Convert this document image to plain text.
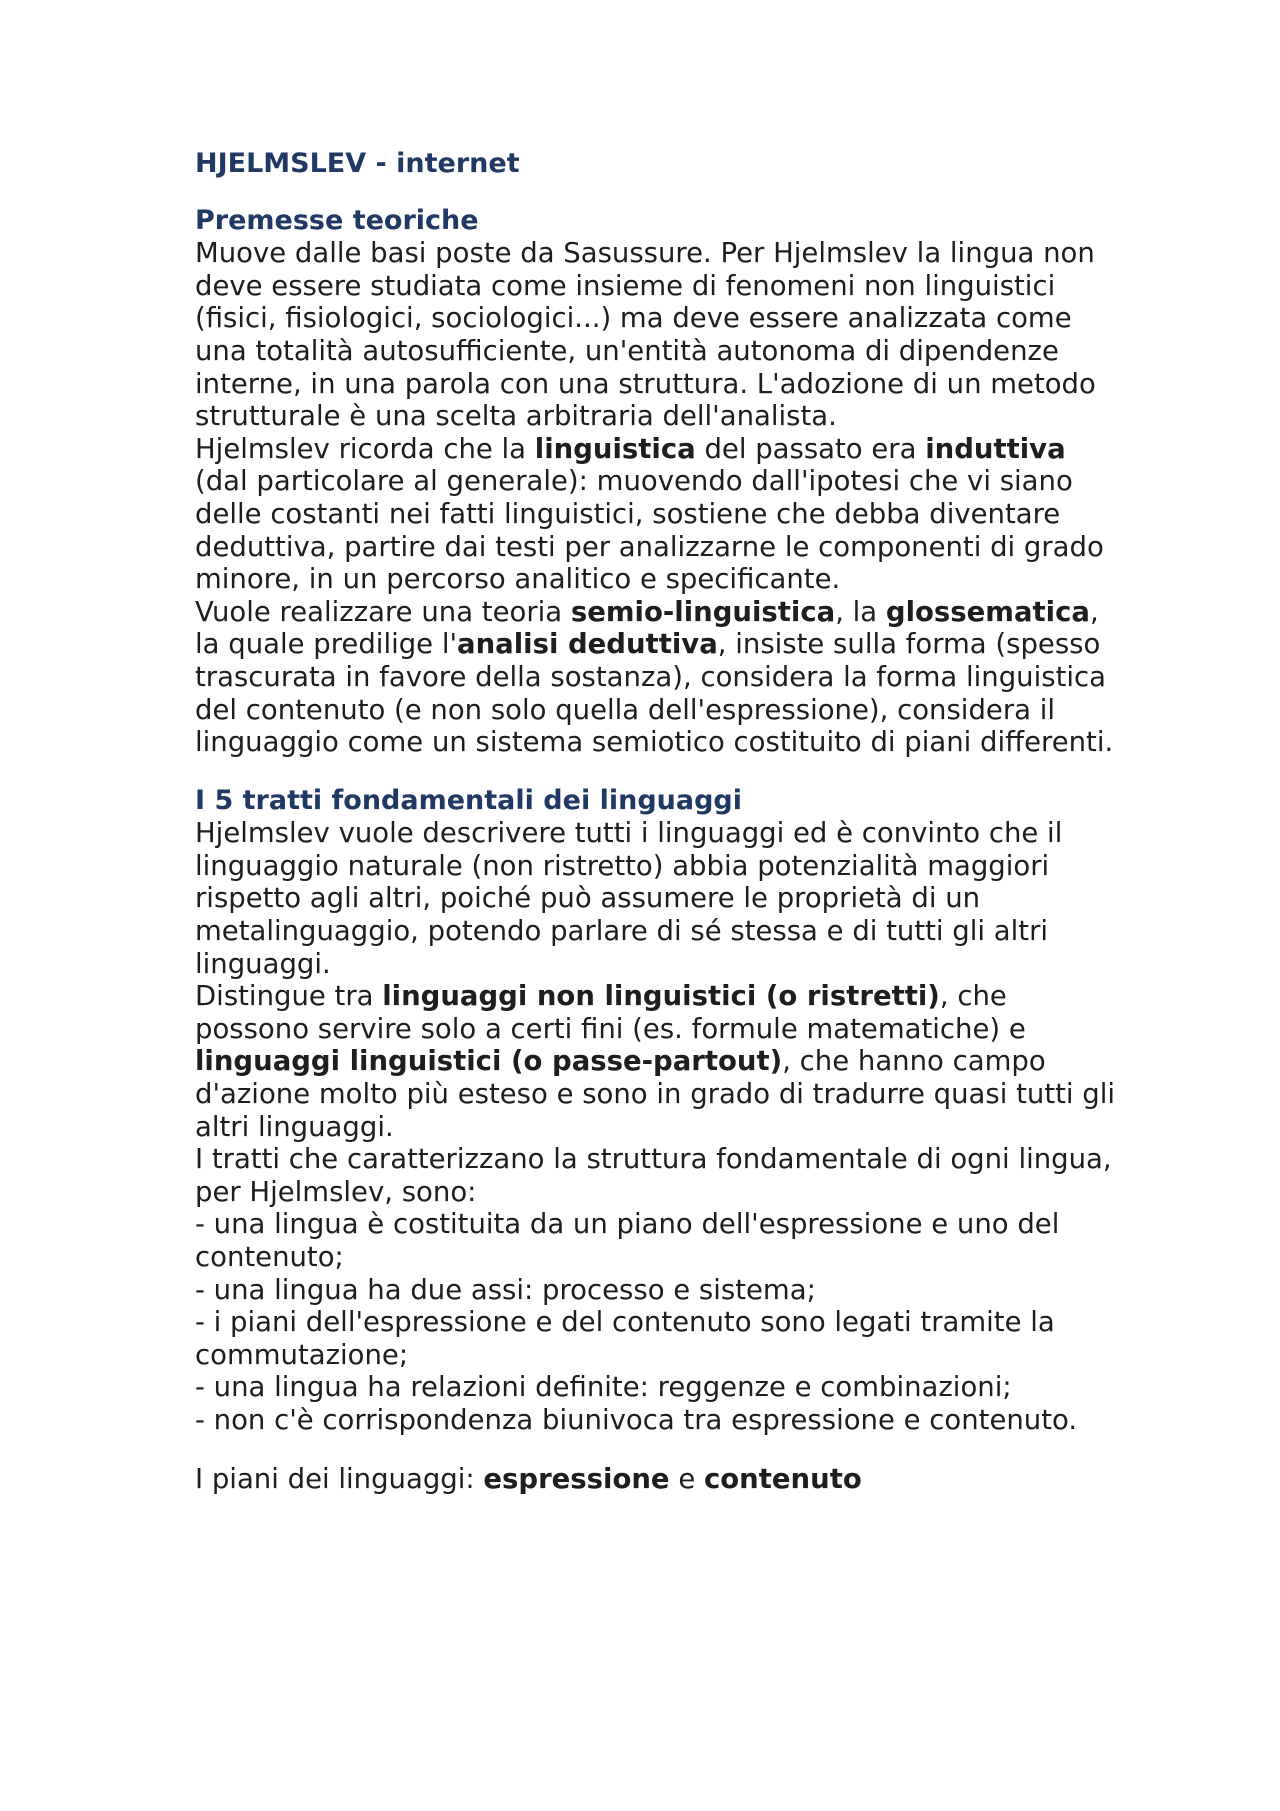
HJELMSLEV - internet
Premesse teoriche

Muove dalle basi poste da Sasussure. Per Hjelmslev la lingua non deve essere studiata come insieme di fenomeni non linguistici (fisici, fisiologici, sociologici...) ma deve essere analizzata come una totalità autosufficiente, un'entità autonoma di dipendenze interne, in una parola con una struttura. L'adozione di un metodo strutturale è una scelta arbitraria dell'analista.

Hjelmslev ricorda che la linguistica del passato era induttiva (dal particolare al generale): muovendo dall'ipotesi che vi siano delle costanti nei fatti linguistici, sostiene che debba diventare deduttiva, partire dai testi per analizzarne le componenti di grado minore, in un percorso analitico e specificante.

Vuole realizzare una teoria semio-linguistica, la glossematica, la quale predilige l'analisi deduttiva, insiste sulla forma (spesso trascurata in favore della sostanza), considera la forma linguistica del contenuto (e non solo quella dell'espressione), considera il linguaggio come un sistema semiotico costituito di piani differenti.

I 5 tratti fondamentali dei linguaggi

Hjelmslev vuole descrivere tutti i linguaggi ed è convinto che il linguaggio naturale (non ristretto) abbia potenzialità maggiori rispetto agli altri, poiché può assumere le proprietà di un metalinguaggio, potendo parlare di sé stessa e di tutti gli altri linguaggi.

Distingue tra linguaggi non linguistici (o ristretti), che possono servire solo a certi fini (es. formule matematiche) e linguaggi linguistici (o passe-partout), che hanno campo d'azione molto più esteso e sono in grado di tradurre quasi tutti gli altri linguaggi.

I tratti che caratterizzano la struttura fondamentale di ogni lingua, per Hjelmslev, sono:

- una lingua è costituita da un piano dell'espressione e uno del contenuto;

- una lingua ha due assi: processo e sistema;

- i piani dell'espressione e del contenuto sono legati tramite la commutazione;

- una lingua ha relazioni definite: reggenze e combinazioni;

- non c'è corrispondenza biunivoca tra espressione e contenuto.

I piani dei linguaggi: espressione e contenuto
